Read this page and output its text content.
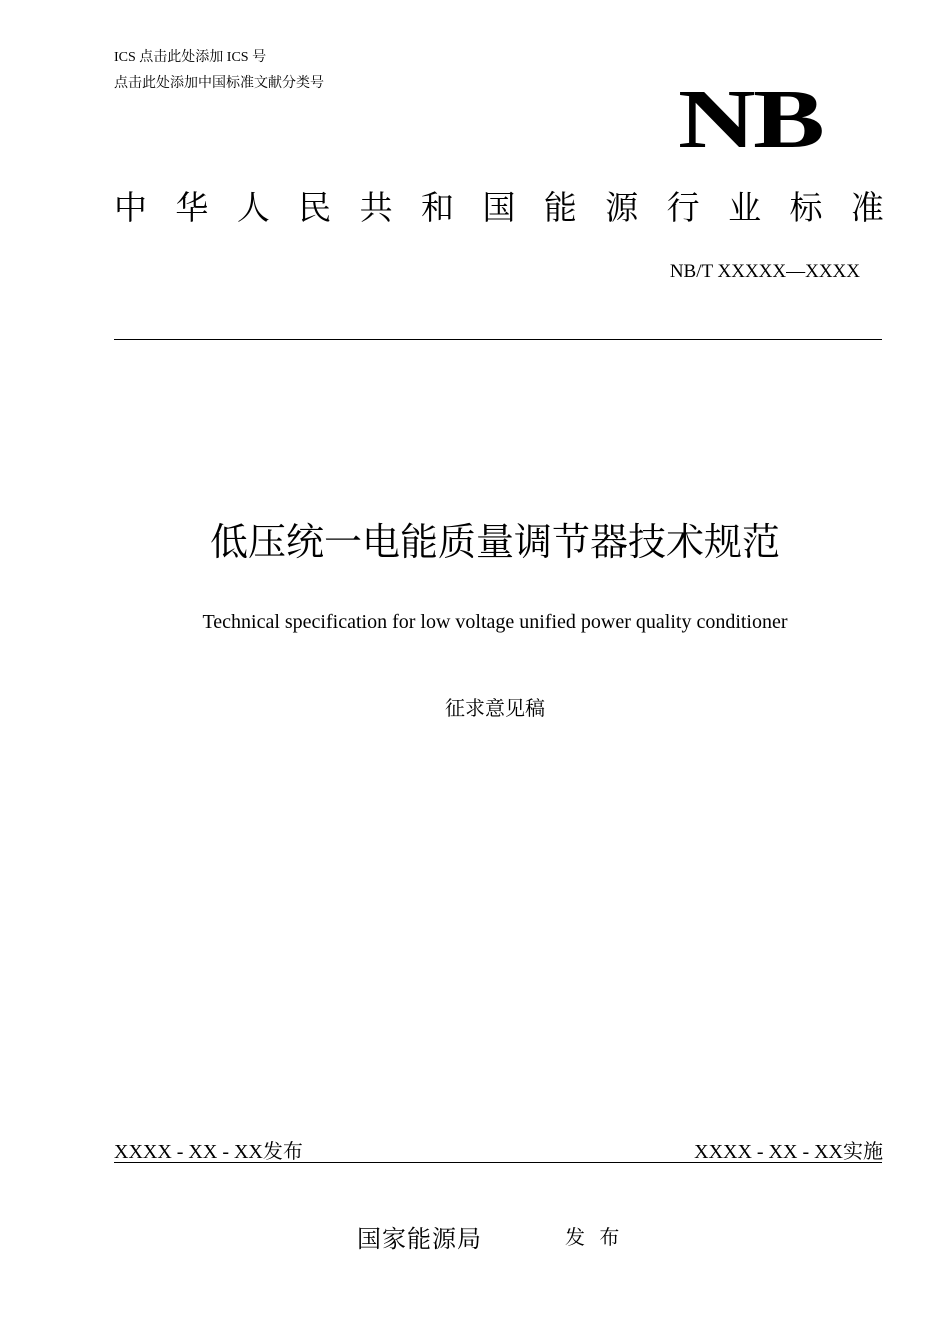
ICS 点击此处添加 ICS 号
点击此处添加中国标准文献分类号	NB
中 华 人 民 共 和 国 能 源 行 业 标 准
NB/T XXXXX—XXXX
低压统一电能质量调节器技术规范
Technical specification for low voltage unified power quality conditioner
征求意见稿
XXXX - XX - XX发布	XXXX - XX - XX实施
国家能源局	发 布
